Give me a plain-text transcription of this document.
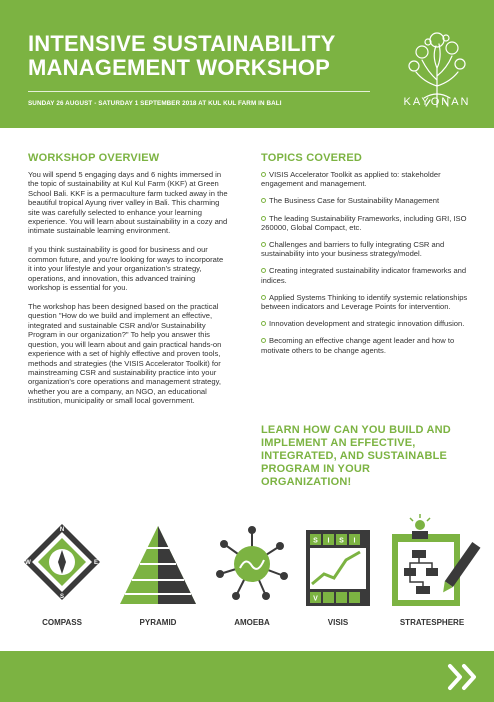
INTENSIVE SUSTAINABILITY
MANAGEMENT WORKSHOP
SUNDAY 26 AUGUST - SATURDAY 1 SEPTEMBER 2018 AT KUL KUL FARM IN BALI	KAYONAN
WORKSHOP OVERVIEW

You will spend 5 engaging days and 6 nights immersed in the topic of sustainability at Kul Kul Farm (KKF) at Green School Bali. KKF is a permaculture farm tucked away in the beautiful tropical Ayung river valley in Bali. This charming site was carefully selected to enhance your learning experience. You will learn about sustainability in a cozy and intimate sustainable learning environment.

If you think sustainability is good for business and our common future, and you're looking for ways to incorporate it into your lifestyle and your organization's strategy, operations, and innovation, this advanced training workshop is essential for you.

The workshop has been designed based on the practical question "How do we build and implement an effective, integrated and sustainable CSR and/or Sustainability Program in our organization?" To help you answer this question, you will learn about and gain practical hands-on experience with a set of highly effective and proven tools, methods and strategies (the VISIS Accelerator Toolkit) for mainstreaming CSR and sustainability practice into your organization's core operations and management strategy, whether you are a company, an NGO, an educational institution, municipality or small local government.

TOPICS COVERED
VISIS Accelerator Toolkit as applied to: stakeholder engagement and management.
The Business Case for Sustainability Management
The leading Sustainability Frameworks, including GRI, ISO 260000, Global Compact, etc.
Challenges and barriers to fully integrating CSR and sustainability into your business strategy/model.
Creating integrated sustainability indicator frameworks and indices.
Applied Systems Thinking to identify systemic relationships between indicators and Leverage Points for intervention.
Innovation development and strategic innovation diffusion.
Becoming an effective change agent leader and how to motivate others to be change agents.
LEARN HOW CAN YOU BUILD AND IMPLEMENT AN EFFECTIVE, INTEGRATED, AND SUSTAINABLE PROGRAM IN YOUR ORGANIZATION!
N
E
S
W
COMPASS	PYRAMID	AMOEBA
S I S I
V
VISIS	STRATESPHERE
